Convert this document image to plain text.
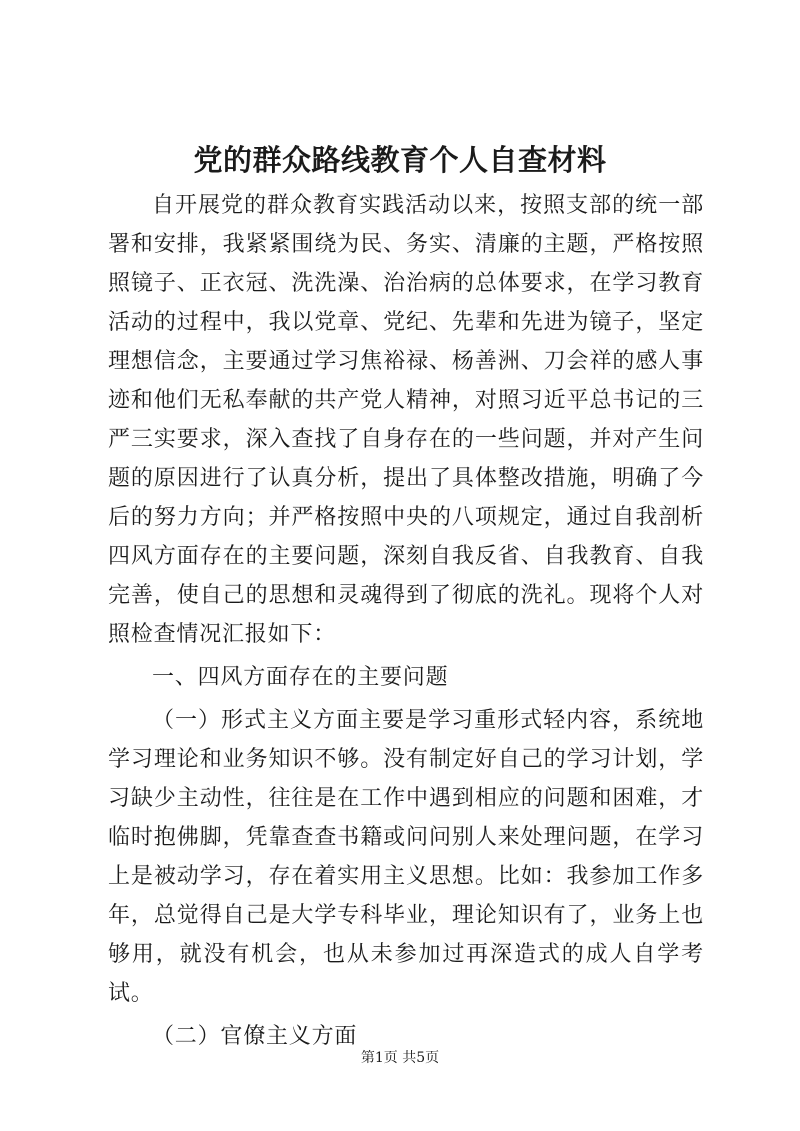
党的群众路线教育个人自查材料

自开展党的群众教育实践活动以来，按照支部的统一部署和安排，我紧紧围绕为民、务实、清廉的主题，严格按照照镜子、正衣冠、洗洗澡、治治病的总体要求，在学习教育活动的过程中，我以党章、党纪、先辈和先进为镜子，坚定理想信念，主要通过学习焦裕禄、杨善洲、刀会祥的感人事迹和他们无私奉献的共产党人精神，对照习近平总书记的三严三实要求，深入查找了自身存在的一些问题，并对产生问题的原因进行了认真分析，提出了具体整改措施，明确了今后的努力方向；并严格按照中央的八项规定，通过自我剖析四风方面存在的主要问题，深刻自我反省、自我教育、自我完善，使自己的思想和灵魂得到了彻底的洗礼。现将个人对照检查情况汇报如下：

一、四风方面存在的主要问题

（一）形式主义方面主要是学习重形式轻内容，系统地学习理论和业务知识不够。没有制定好自己的学习计划，学习缺少主动性，往往是在工作中遇到相应的问题和困难，才临时抱佛脚，凭靠查查书籍或问问别人来处理问题，在学习上是被动学习，存在着实用主义思想。比如：我参加工作多年，总觉得自己是大学专科毕业，理论知识有了，业务上也够用，就没有机会，也从未参加过再深造式的成人自学考试。

（二）官僚主义方面

第1页 共5页
